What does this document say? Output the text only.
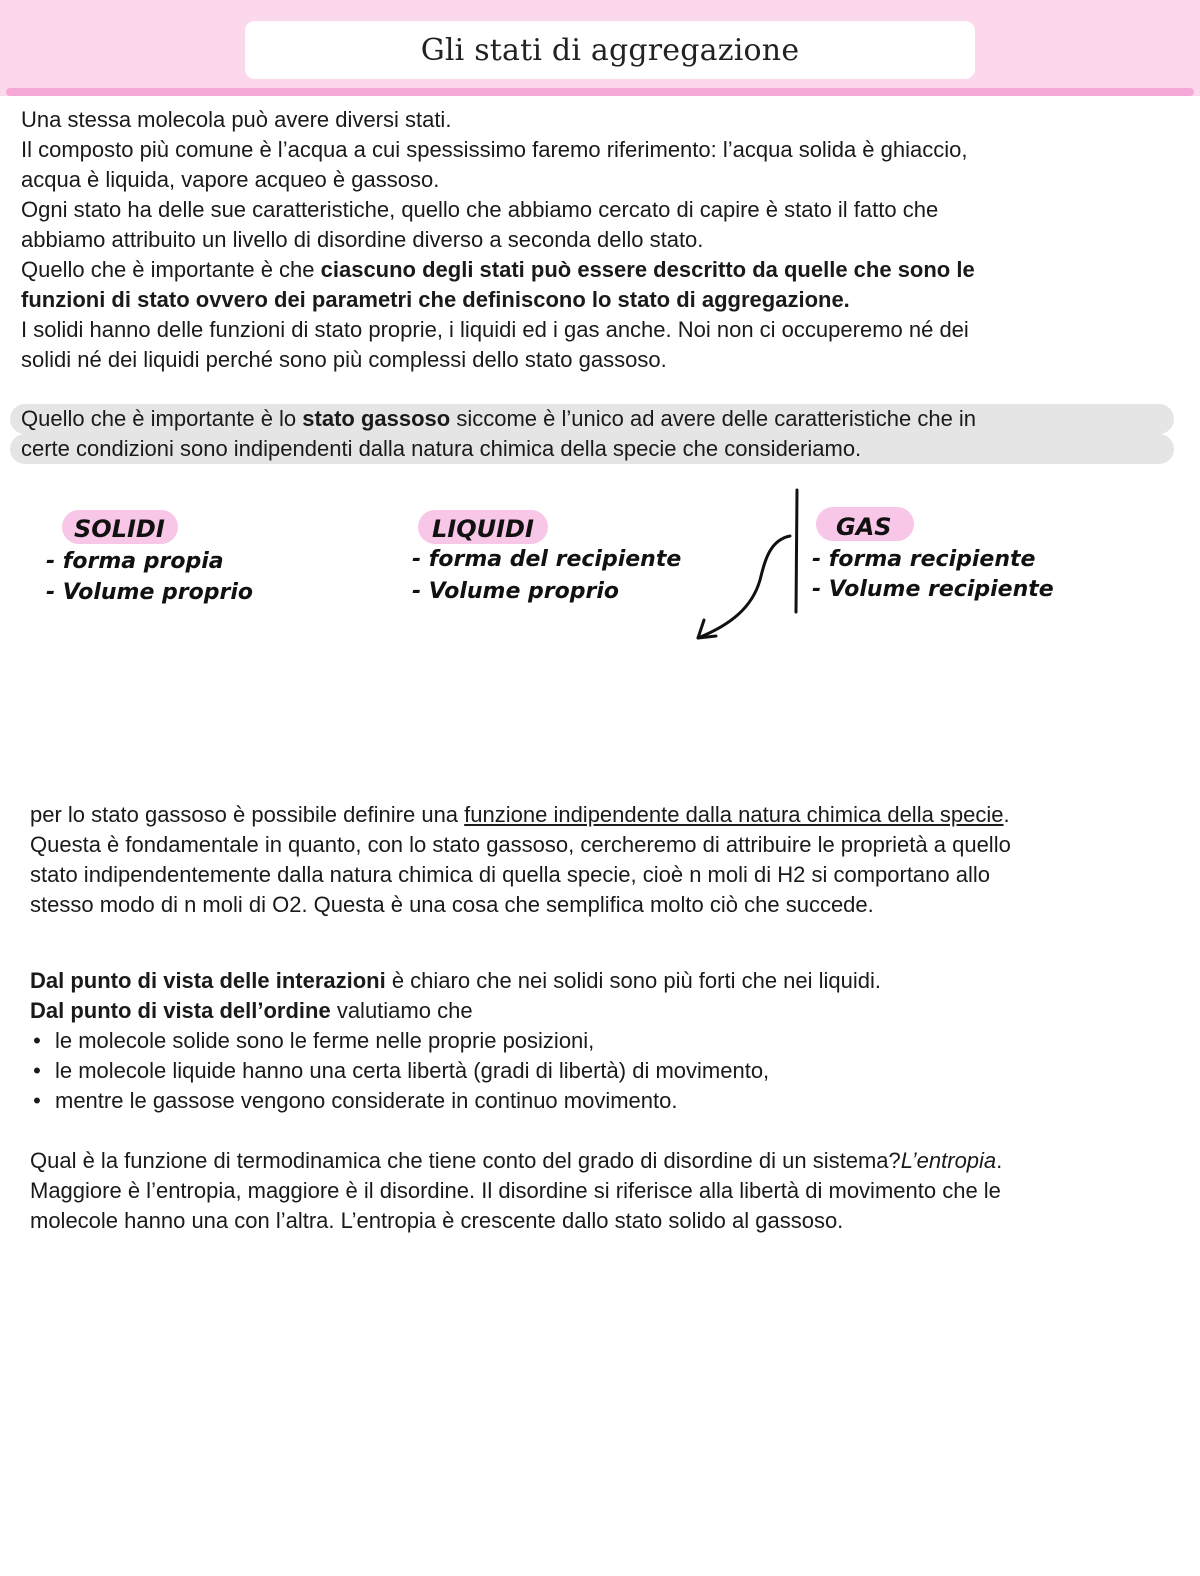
Gli stati di aggregazione

Una stessa molecola può avere diversi stati.

Il composto più comune è l’acqua a cui spessissimo faremo riferimento: l’acqua solida è ghiaccio,

acqua è liquida, vapore acqueo è gassoso.

Ogni stato ha delle sue caratteristiche, quello che abbiamo cercato di capire è stato il fatto che

abbiamo attribuito un livello di disordine diverso a seconda dello stato.

Quello che è importante è che ciascuno degli stati può essere descritto da quelle che sono le

funzioni di stato ovvero dei parametri che definiscono lo stato di aggregazione.

I solidi hanno delle funzioni di stato proprie, i liquidi ed i gas anche. Noi non ci occuperemo né dei

solidi né dei liquidi perché sono più complessi dello stato gassoso.

Quello che è importante è lo stato gassoso siccome è l’unico ad avere delle caratteristiche che in

certe condizioni sono indipendenti dalla natura chimica della specie che consideriamo.

SOLIDI
- forma propia
- Volume proprio
LIQUIDI
- forma del recipiente
- Volume proprio
GAS
- forma recipiente
- Volume recipiente

per lo stato gassoso è possibile definire una funzione indipendente dalla natura chimica della specie.

Questa è fondamentale in quanto, con lo stato gassoso, cercheremo di attribuire le proprietà a quello

stato indipendentemente dalla natura chimica di quella specie, cioè n moli di H2 si comportano allo

stesso modo di n moli di O2. Questa è una cosa che semplifica molto ciò che succede.

Dal punto di vista delle interazioni è chiaro che nei solidi sono più forti che nei liquidi.

Dal punto di vista dell’ordine valutiamo che

• le molecole solide sono le ferme nelle proprie posizioni,

• le molecole liquide hanno una certa libertà (gradi di libertà) di movimento,

• mentre le gassose vengono considerate in continuo movimento.

Qual è la funzione di termodinamica che tiene conto del grado di disordine di un sistema?L’entropia.

Maggiore è l’entropia, maggiore è il disordine. Il disordine si riferisce alla libertà di movimento che le

molecole hanno una con l’altra. L’entropia è crescente dallo stato solido al gassoso.
